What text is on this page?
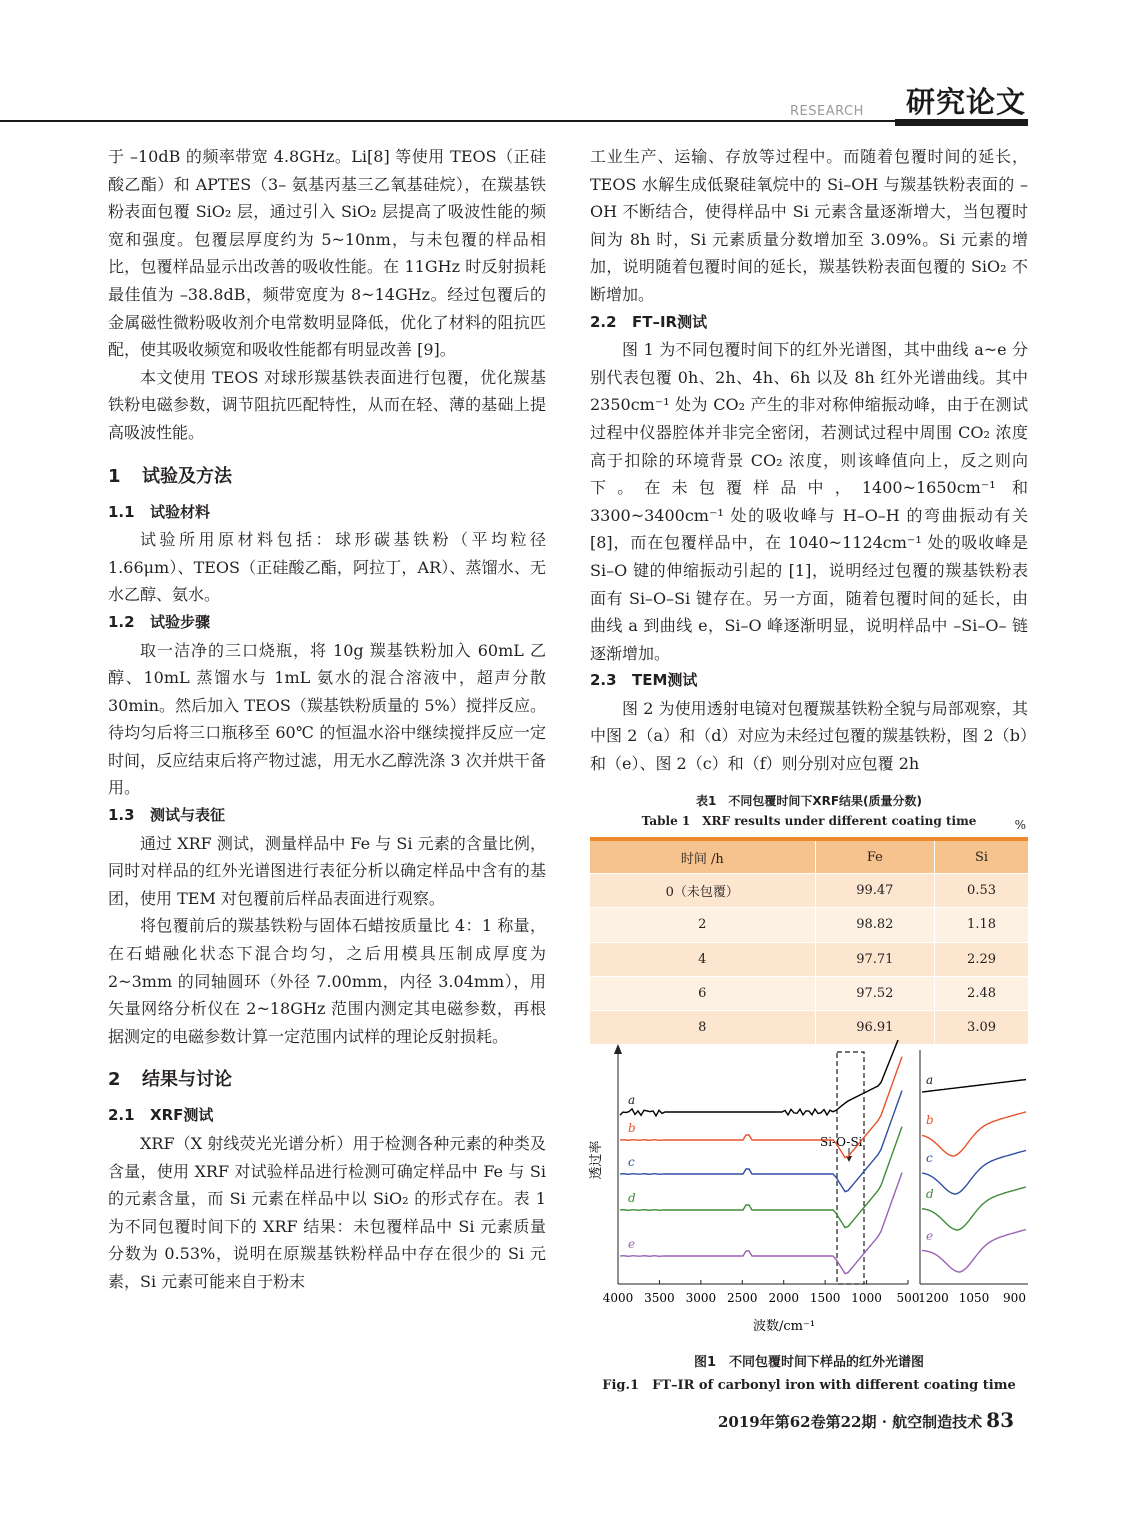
RESEARCH 研究论文

于 –10dB 的频率带宽 4.8GHz。Li[8] 等使用 TEOS（正硅酸乙酯）和 APTES（3– 氨基丙基三乙氧基硅烷），在羰基铁粉表面包覆 SiO₂ 层，通过引入 SiO₂ 层提高了吸波性能的频宽和强度。包覆层厚度约为 5~10nm，与未包覆的样品相比，包覆样品显示出改善的吸收性能。在 11GHz 时反射损耗最佳值为 –38.8dB，频带宽度为 8~14GHz。经过包覆后的金属磁性微粉吸收剂介电常数明显降低，优化了材料的阻抗匹配，使其吸收频宽和吸收性能都有明显改善 [9]。

本文使用 TEOS 对球形羰基铁表面进行包覆，优化羰基铁粉电磁参数，调节阻抗匹配特性，从而在轻、薄的基础上提高吸波性能。

1 试验及方法
1.1 试验材料

试验所用原材料包括：球形碳基铁粉（平均粒径 1.66μm）、TEOS（正硅酸乙酯，阿拉丁，AR）、蒸馏水、无水乙醇、氨水。

1.2 试验步骤

取一洁净的三口烧瓶，将 10g 羰基铁粉加入 60mL 乙醇、10mL 蒸馏水与 1mL 氨水的混合溶液中，超声分散 30min。然后加入 TEOS（羰基铁粉质量的 5%）搅拌反应。待均匀后将三口瓶移至 60℃ 的恒温水浴中继续搅拌反应一定时间，反应结束后将产物过滤，用无水乙醇洗涤 3 次并烘干备用。

1.3 测试与表征

通过 XRF 测试，测量样品中 Fe 与 Si 元素的含量比例，同时对样品的红外光谱图进行表征分析以确定样品中含有的基团，使用 TEM 对包覆前后样品表面进行观察。

将包覆前后的羰基铁粉与固体石蜡按质量比 4：1 称量，在石蜡融化状态下混合均匀，之后用模具压制成厚度为 2~3mm 的同轴圆环（外径 7.00mm，内径 3.04mm），用矢量网络分析仪在 2~18GHz 范围内测定其电磁参数，再根据测定的电磁参数计算一定范围内试样的理论反射损耗。

2 结果与讨论
2.1 XRF测试

XRF（X 射线荧光光谱分析）用于检测各种元素的种类及含量，使用 XRF 对试验样品进行检测可确定样品中 Fe 与 Si 的元素含量，而 Si 元素在样品中以 SiO₂ 的形式存在。表 1 为不同包覆时间下的 XRF 结果：未包覆样品中 Si 元素质量分数为 0.53%，说明在原羰基铁粉样品中存在很少的 Si 元素，Si 元素可能来自于粉末

工业生产、运输、存放等过程中。而随着包覆时间的延长，TEOS 水解生成低聚硅氧烷中的 Si–OH 与羰基铁粉表面的 –OH 不断结合，使得样品中 Si 元素含量逐渐增大，当包覆时间为 8h 时，Si 元素质量分数增加至 3.09%。Si 元素的增加，说明随着包覆时间的延长，羰基铁粉表面包覆的 SiO₂ 不断增加。

2.2 FT–IR测试

图 1 为不同包覆时间下的红外光谱图，其中曲线 a~e 分别代表包覆 0h、2h、4h、6h 以及 8h 红外光谱曲线。其中 2350cm⁻¹ 处为 CO₂ 产生的非对称伸缩振动峰，由于在测试过程中仪器腔体并非完全密闭，若测试过程中周围 CO₂ 浓度高于扣除的环境背景 CO₂ 浓度，则该峰值向上，反之则向下。在未包覆样品中，1400~1650cm⁻¹ 和 3300~3400cm⁻¹ 处的吸收峰与 H–O–H 的弯曲振动有关 [8]，而在包覆样品中，在 1040~1124cm⁻¹ 处的吸收峰是 Si–O 键的伸缩振动引起的 [1]，说明经过包覆的羰基铁粉表面有 Si–O–Si 键存在。另一方面，随着包覆时间的延长，由曲线 a 到曲线 e，Si–O 峰逐渐明显，说明样品中 –Si–O– 链逐渐增加。

2.3 TEM测试

图 2 为使用透射电镜对包覆羰基铁粉全貌与局部观察，其中图 2（a）和（d）对应为未经过包覆的羰基铁粉，图 2（b）和（e）、图 2（c）和（f）则分别对应包覆 2h

表1　不同包覆时间下XRF结果(质量分数)
Table 1　XRF results under different coating time	%
时间 /h	Fe	Si
0（未包覆）	99.47	0.53
2	98.82	1.18
4	97.71	2.29
6	97.52	2.48
8	96.91	3.09
4000 3500 3000 2500 2000 1500 1000 500
透过率
波数/cm⁻¹
Si-O-Si
a
b
c
d
e
1200 1050 900
a
b
c
d
e
图1　不同包覆时间下样品的红外光谱图
Fig.1　FT–IR of carbonyl iron with different coating time
2019年第62卷第22期 · 航空制造技术 83
